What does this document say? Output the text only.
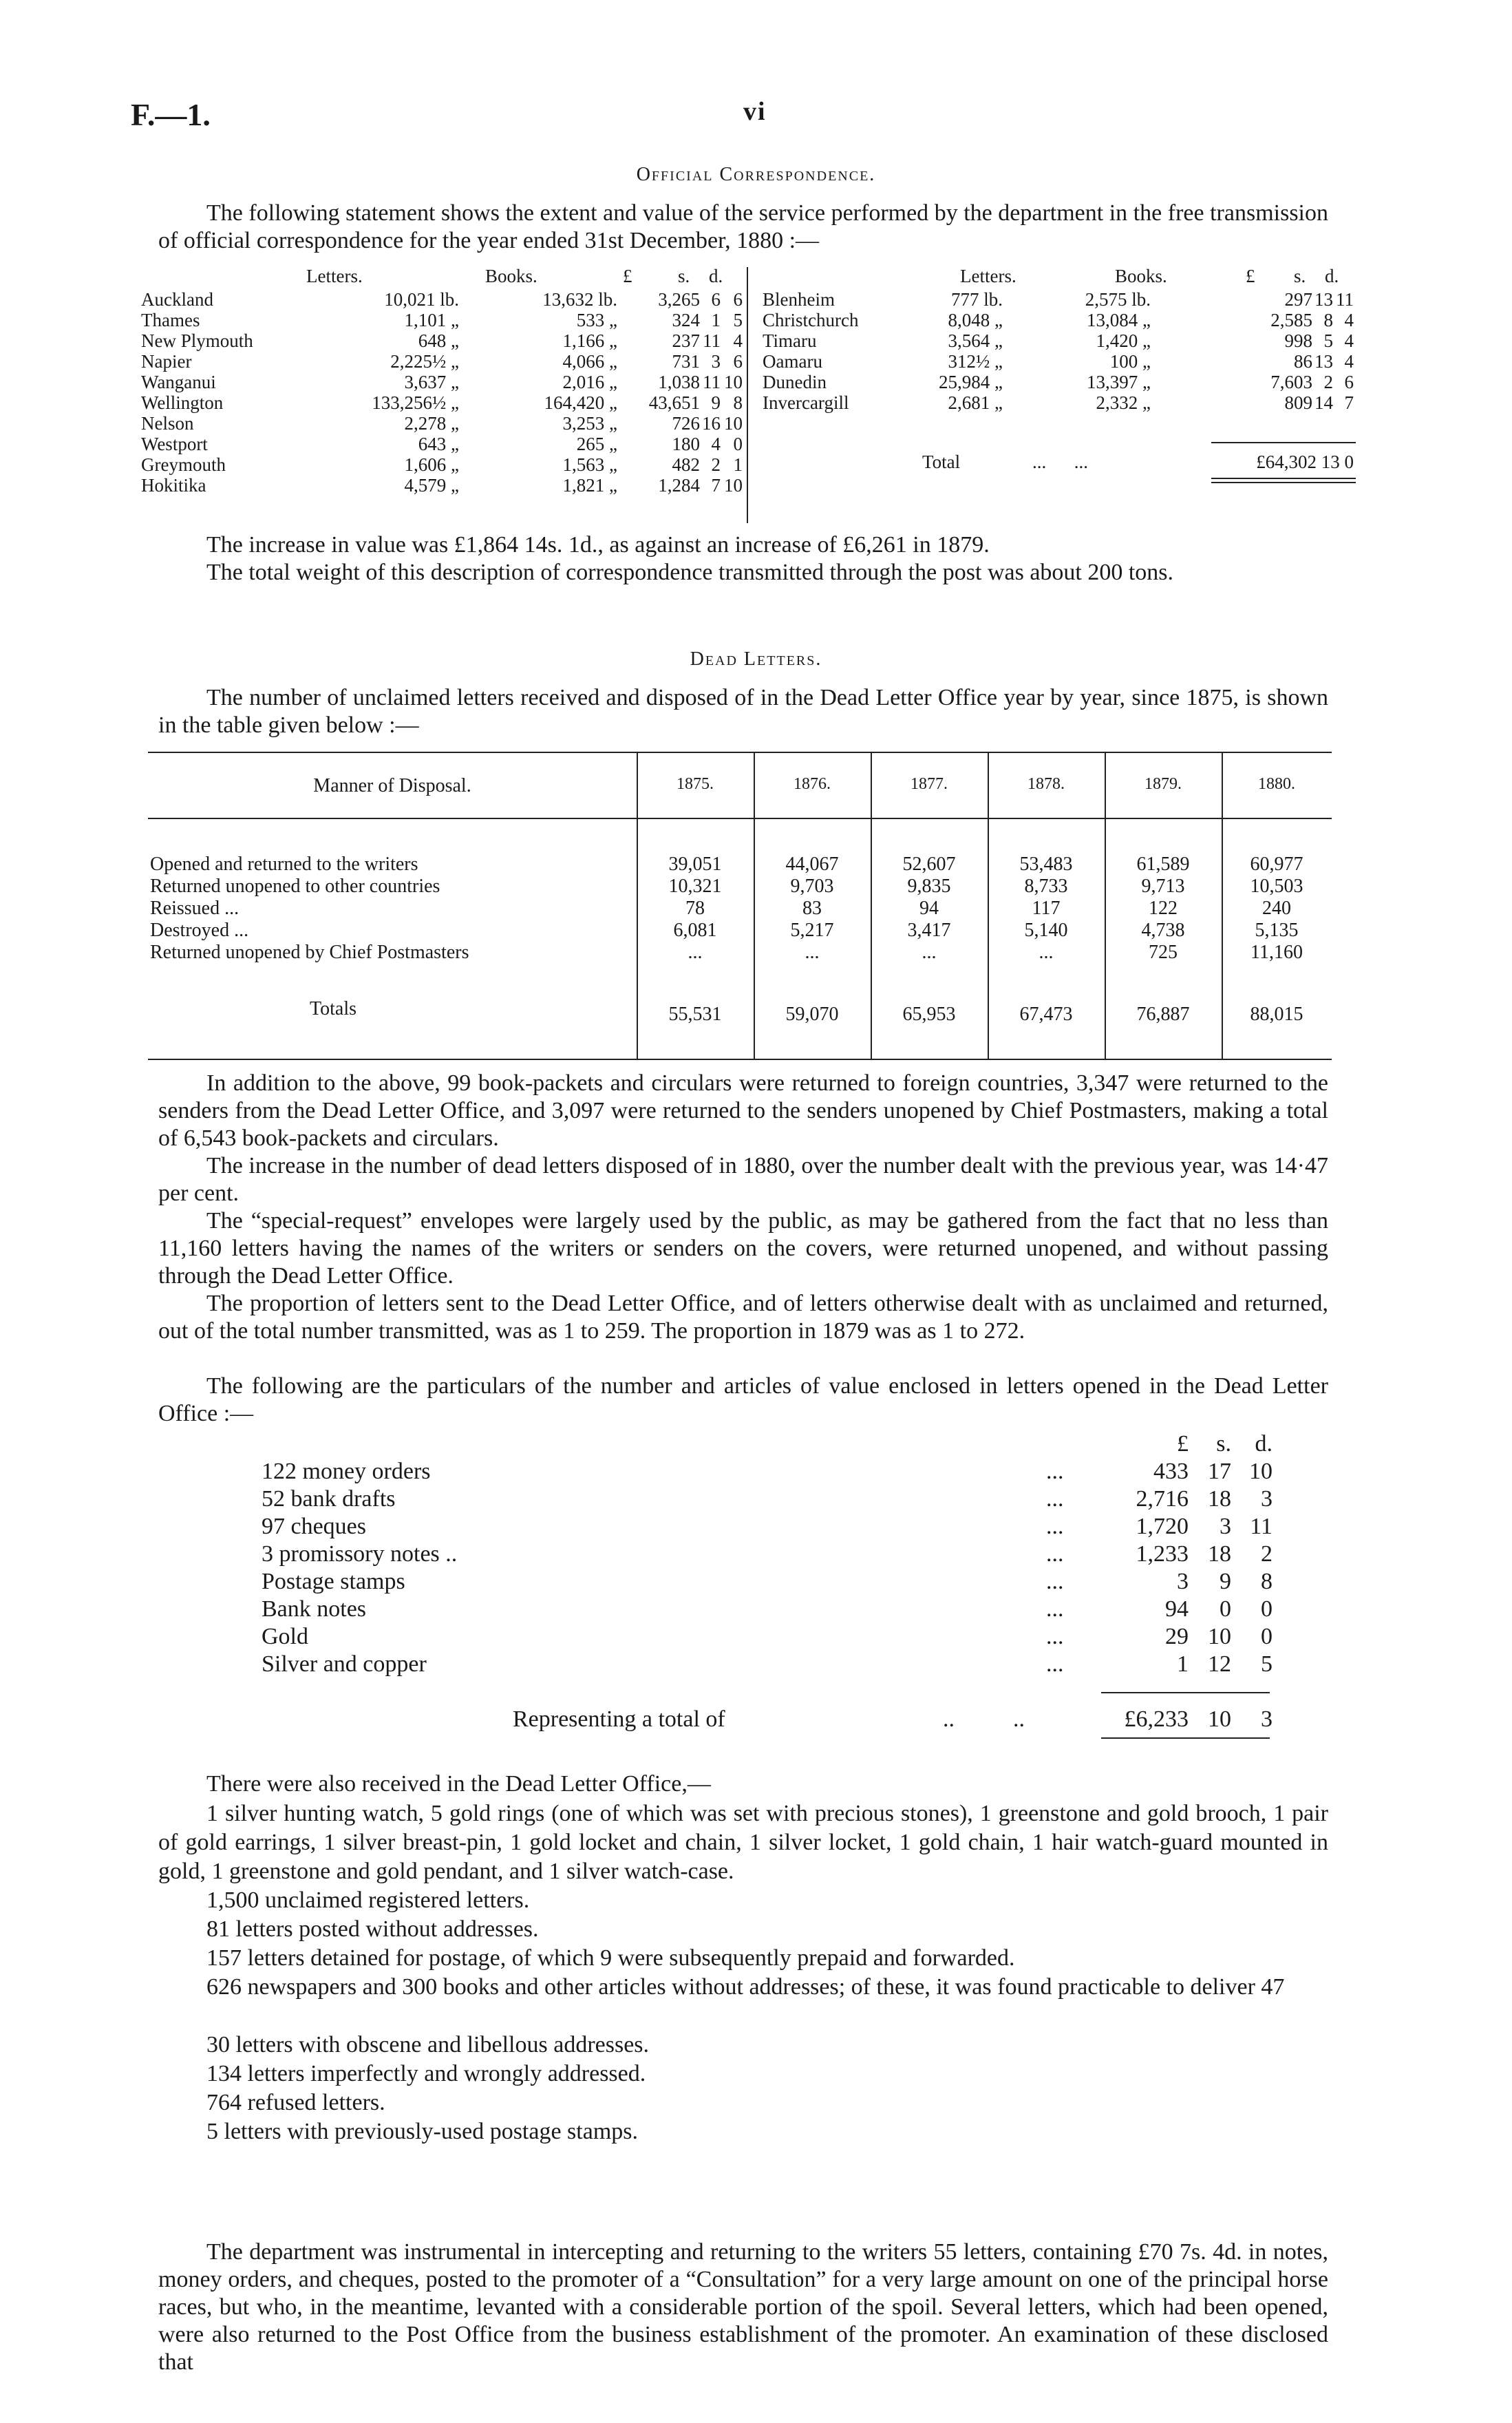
F.—1.	vi
Official Correspondence.
The following statement shows the extent and value of the service performed by the department in the free transmission of official correspondence for the year ended 31st December, 1880 :—
Letters.	Books.	£ s. d.	Letters.	Books.	£ s. d.
Auckland	10,021 lb.	13,632 lb. 3,265 6 6
Thames	1,101 „	533 „	324 1 5
New Plymouth	648 „	1,166 „	237 11 4
Napier	2,225½ „	4,066 „	731 3 6
Wanganui	3,637 „	2,016 „ 1,038 11 10
Wellington	133,256½ „	164,420 „ 43,651 9 8
Nelson	2,278 „	3,253 „	726 16 10
Westport	643 „	265 „	180 4 0
Greymouth	1,606 „	1,563 „	482 2 1
Hokitika	4,579 „	1,821 „ 1,284 7 10
Blenheim	777 lb.	2,575 lb.	297 13 11
Christchurch	8,048 „	13,084 „	2,585 8 4
Timaru	3,564 „	1,420 „	998 5 4
Oamaru	312½ „	100 „	86 13 4
Dunedin	25,984 „	13,397 „	7,603 2 6
Invercargill	2,681 „	2,332 „	809 14 7
Total	...      ...	£64,302 13 0
The increase in value was £1,864 14s. 1d., as against an increase of £6,261 in 1879.
The total weight of this description of correspondence transmitted through the post was about 200 tons.
Dead Letters.
The number of unclaimed letters received and disposed of in the Dead Letter Office year by year, since 1875, is shown in the table given below :—
Manner of Disposal.	1875.	1876.	1877.	1878.	1879.	1880.
Opened and returned to the writers	39,051	44,067	52,607	53,483	61,589	60,977
Returned unopened to other countries	10,321	9,703	9,835	8,733	9,713	10,503
Reissued ...	78	83	94	117	122	240
Destroyed ...	6,081	5,217	3,417	5,140	4,738	5,135
Returned unopened by Chief Postmasters	...	...	...	...	725	11,160
Totals	55,531	59,070	65,953	67,473	76,887	88,015
In addition to the above, 99 book-packets and circulars were returned to foreign countries, 3,347 were returned to the senders from the Dead Letter Office, and 3,097 were returned to the senders unopened by Chief Postmasters, making a total of 6,543 book-packets and circulars.
The increase in the number of dead letters disposed of in 1880, over the number dealt with the previous year, was 14·47 per cent.
The “special-request” envelopes were largely used by the public, as may be gathered from the fact that no less than 11,160 letters having the names of the writers or senders on the covers, were returned unopened, and without passing through the Dead Letter Office.
The proportion of letters sent to the Dead Letter Office, and of letters otherwise dealt with as unclaimed and returned, out of the total number transmitted, was as 1 to 259. The proportion in 1879 was as 1 to 272.
The following are the particulars of the number and articles of value enclosed in letters opened in the Dead Letter Office :—
£ s. d.
122 money orders	...	433 17 10
52 bank drafts	...	2,716 18 3
97 cheques	...	1,720 3 11
3 promissory notes ..	...	1,233 18 2
Postage stamps	...	3 9 8
Bank notes	...	94 0 0
Gold	...	29 10 0
Silver and copper	...	1 12 5
Representing a total of	..          ..	£6,233 10 3
There were also received in the Dead Letter Office,—
1 silver hunting watch, 5 gold rings (one of which was set with precious stones), 1 greenstone and gold brooch, 1 pair of gold earrings, 1 silver breast-pin, 1 gold locket and chain, 1 silver locket, 1 gold chain, 1 hair watch-guard mounted in gold, 1 greenstone and gold pendant, and 1 silver watch-case.
1,500 unclaimed registered letters.
81 letters posted without addresses.
157 letters detained for postage, of which 9 were subsequently prepaid and forwarded.
626 newspapers and 300 books and other articles without addresses; of these, it was found practicable to deliver 47
30 letters with obscene and libellous addresses.
134 letters imperfectly and wrongly addressed.
764 refused letters.
5 letters with previously-used postage stamps.
The department was instrumental in intercepting and returning to the writers 55 letters, containing £70 7s. 4d. in notes, money orders, and cheques, posted to the promoter of a “Consultation” for a very large amount on one of the principal horse races, but who, in the meantime, levanted with a considerable portion of the spoil. Several letters, which had been opened, were also returned to the Post Office from the business establishment of the promoter. An examination of these disclosed that
